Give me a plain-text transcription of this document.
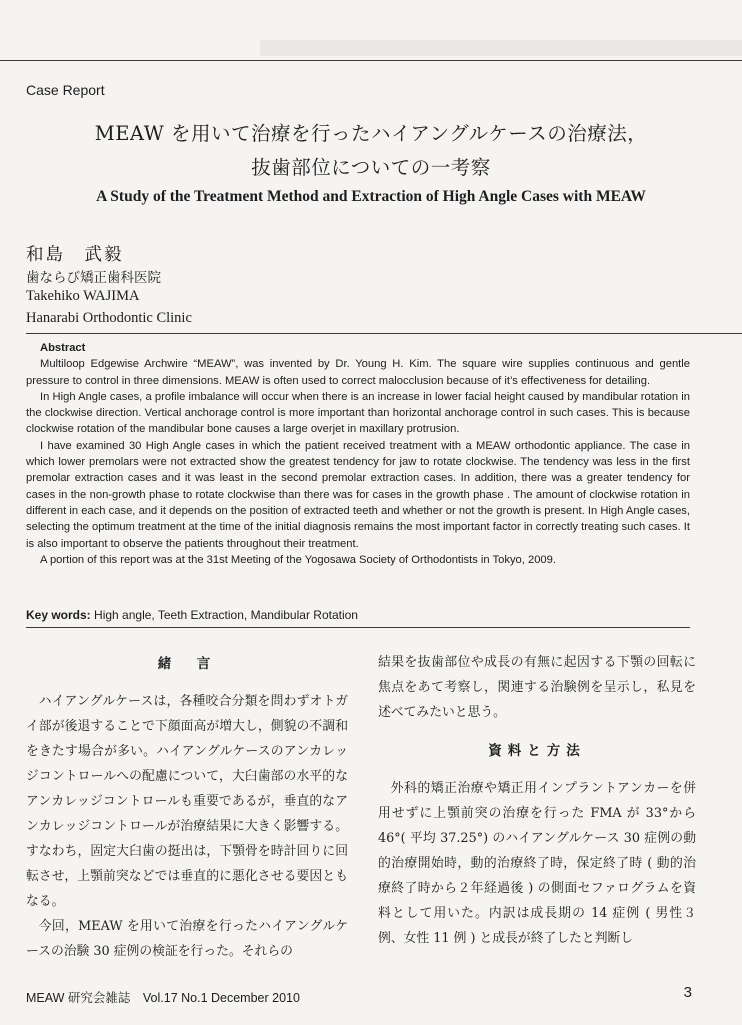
Case Report
MEAW を用いて治療を行ったハイアングルケースの治療法，
抜歯部位についての一考察
A Study of the Treatment Method and Extraction of High Angle Cases with MEAW
和島　武毅
歯ならび矯正歯科医院
Takehiko WAJIMA
Hanarabi Orthodontic Clinic
Abstract

Multiloop Edgewise Archwire “MEAW”, was invented by Dr. Young H. Kim. The square wire supplies continuous and gentle pressure to control in three dimensions. MEAW is often used to correct malocclusion because of it’s effectiveness for detailing.

In High Angle cases, a profile imbalance will occur when there is an increase in lower facial height caused by mandibular rotation in the clockwise direction. Vertical anchorage control is more important than horizontal anchorage control in such cases. This is because clockwise rotation of the mandibular bone causes a large overjet in maxillary protrusion.

I have examined 30 High Angle cases in which the patient received treatment with a MEAW orthodontic appliance. The case in which lower premolars were not extracted show the greatest tendency for jaw to rotate clockwise. The tendency was less in the first premolar extraction cases and it was least in the second premolar extraction cases. In addition, there was a greater tendency for cases in the non-growth phase to rotate clockwise than there was for cases in the growth phase . The amount of clockwise rotation in different in each case, and it depends on the position of extracted teeth and whether or not the growth is present. In High Angle cases, selecting the optimum treatment at the time of the initial diagnosis remains the most important factor in correctly treating such cases. It is also important to observe the patients throughout their treatment.

A portion of this report was at the 31st Meeting of the Yogosawa Society of Orthodontists in Tokyo, 2009.

Key words: High angle, Teeth Extraction, Mandibular Rotation
緒　言

ハイアングルケースは，各種咬合分類を問わずオトガイ部が後退することで下顔面高が増大し，側貌の不調和をきたす場合が多い。ハイアングルケースのアンカレッジコントロールへの配慮について，大臼歯部の水平的なアンカレッジコントロールも重要であるが，垂直的なアンカレッジコントロールが治療結果に大きく影響する。すなわち，固定大臼歯の挺出は，下顎骨を時計回りに回転させ，上顎前突などでは垂直的に悪化させる要因ともなる。

今回，MEAW を用いて治療を行ったハイアングルケースの治験 30 症例の検証を行った。それらの

結果を抜歯部位や成長の有無に起因する下顎の回転に焦点をあて考察し，関連する治験例を呈示し，私見を述べてみたいと思う。

資料と方法

外科的矯正治療や矯正用インプラントアンカーを併用せずに上顎前突の治療を行った FMA が 33°から 46°( 平均 37.25°) のハイアングルケース 30 症例の動的治療開始時，動的治療終了時，保定終了時 ( 動的治療終了時から２年経過後 ) の側面セファログラムを資料として用いた。内訳は成長期の 14 症例 ( 男性３例、女性 11 例 ) と成長が終了したと判断し

MEAW 研究会雑誌　Vol.17 No.1 December 2010	3
